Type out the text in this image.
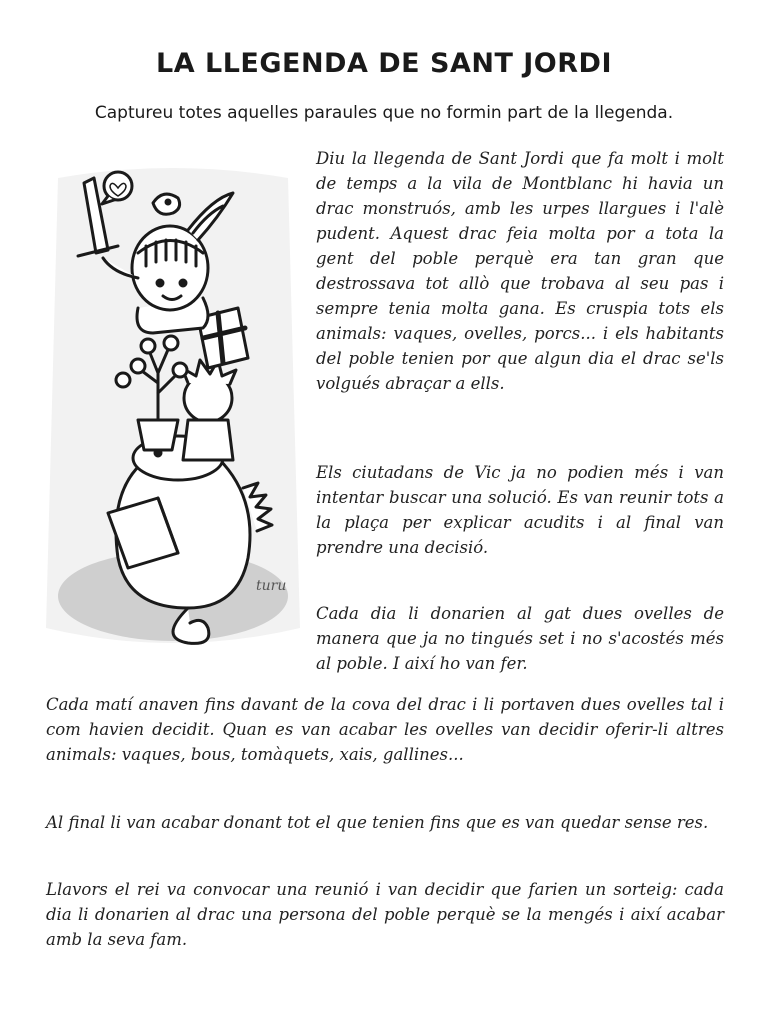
LA LLEGENDA DE SANT JORDI
Captureu totes aquelles paraules que no formin part de la llegenda.
turu

Diu la llegenda de Sant Jordi que fa molt i molt de temps a la vila de Montblanc hi havia un drac monstruós, amb les urpes llargues i l'alè pudent. Aquest drac feia molta por a tota la gent del poble perquè era tan gran que destrossava tot allò que trobava al seu pas i sempre tenia molta gana. Es cruspia tots els animals: vaques, ovelles, porcs... i els habitants del poble tenien por que algun dia el drac se'ls volgués abraçar a ells.

Els ciutadans de Vic ja no podien més i van intentar buscar una solució. Es van reunir tots a la plaça per explicar acudits i al final van prendre una decisió.

Cada dia li donarien al gat dues ovelles de manera que ja no tingués set i no s'acostés més al poble. I així ho van fer.

Cada matí anaven fins davant de la cova del drac i li portaven dues ovelles tal i com havien decidit. Quan es van acabar les ovelles van decidir oferir-li altres animals: vaques, bous, tomàquets, xais, gallines...

Al final li van acabar donant tot el que tenien fins que es van quedar sense res.

Llavors el rei va convocar una reunió i van decidir que farien un sorteig: cada dia li donarien al drac una persona del poble perquè se la mengés i així acabar amb la seva fam.
